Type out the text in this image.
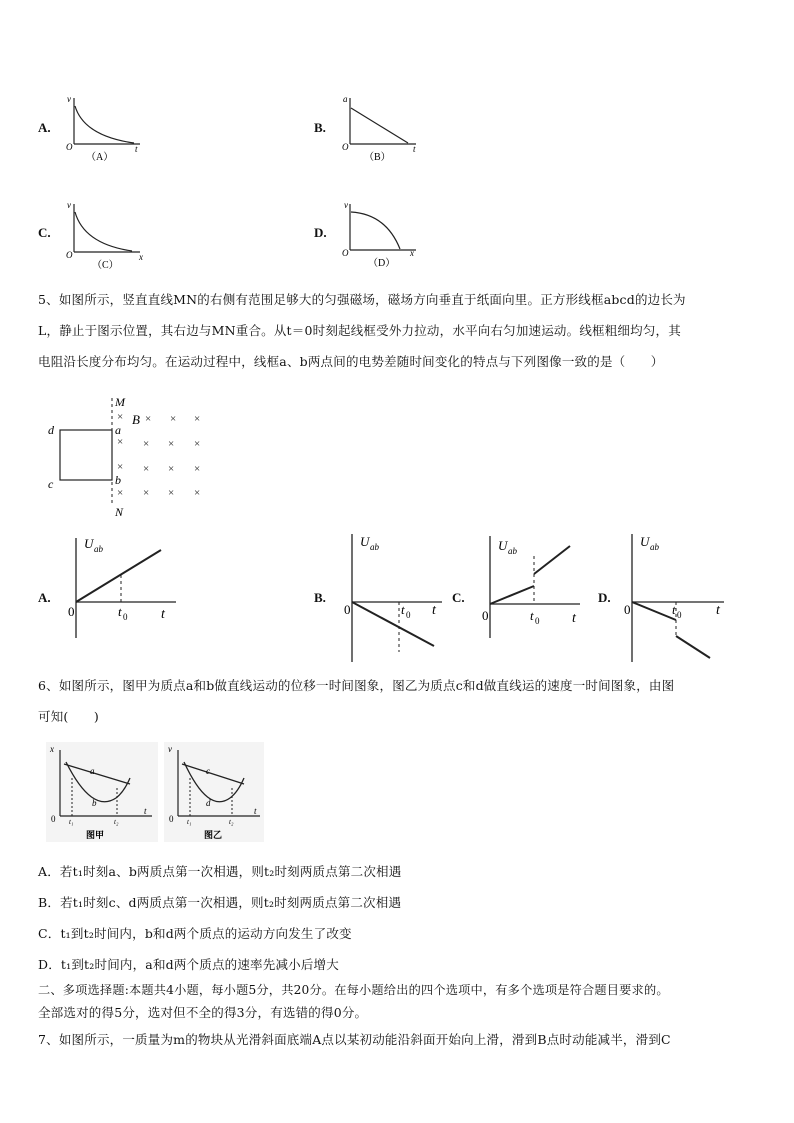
A.
v
t
O
（A）
B.
a
t
O
（B）
C.
v
x
O
（C）
D.
v
x
O
（D）
5、如图所示，竖直直线MN的右侧有范围足够大的匀强磁场，磁场方向垂直于纸面向里。正方形线框abcd的边长为
L，静止于图示位置，其右边与MN重合。从t＝0时刻起线框受外力拉动，水平向右匀加速运动。线框粗细均匀，其
电阻沿长度分布均匀。在运动过程中，线框a、b两点间的电势差随时间变化的特点与下列图像一致的是（　　）
M
N
B
a
b
d
c
× × × ×
× × × ×
× × × ×
× × × ×
A.
U ab
t
0	t 0
B.
U ab
t
0	t 0
C.
U ab
t
0	t 0
D.
U ab
t
0	t 0
6、如图所示，图甲为质点a和b做直线运动的位移一时间图象，图乙为质点c和d做直线运的速度一时间图象，由图
可知(　　)
x
t
0
a
b
t₁	t₂
图甲
v
t
0
c
d
t₁	t₂
图乙
A．若t₁时刻a、b两质点第一次相遇，则t₂时刻两质点第二次相遇
B．若t₁时刻c、d两质点第一次相遇，则t₂时刻两质点第二次相遇
C．t₁到t₂时间内，b和d两个质点的运动方向发生了改变
D．t₁到t₂时间内，a和d两个质点的速率先减小后增大
二、多项选择题:本题共4小题，每小题5分，共20分。在每小题给出的四个选项中，有多个选项是符合题目要求的。
全部选对的得5分，选对但不全的得3分，有选错的得0分。
7、如图所示，一质量为m的物块从光滑斜面底端A点以某初动能沿斜面开始向上滑，滑到B点时动能减半，滑到C
